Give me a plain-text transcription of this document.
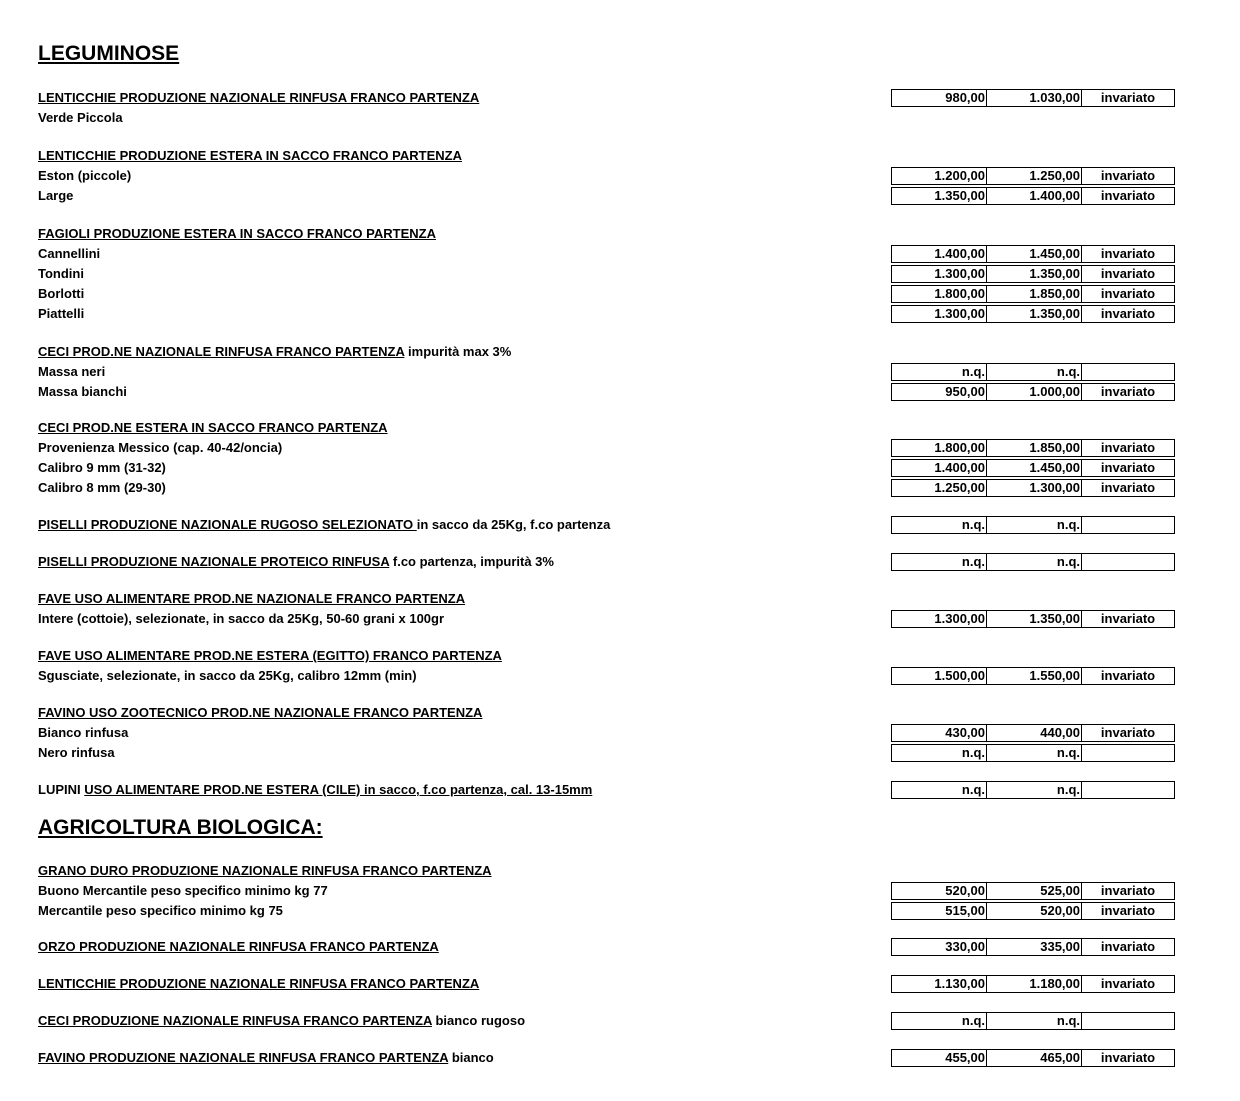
LEGUMINOSE
LENTICCHIE PRODUZIONE NAZIONALE RINFUSA FRANCO PARTENZA	980,00	1.030,00	invariato
Verde Piccola
LENTICCHIE PRODUZIONE ESTERA IN SACCO FRANCO PARTENZA
Eston (piccole)	1.200,00	1.250,00	invariato
Large	1.350,00	1.400,00	invariato
FAGIOLI PRODUZIONE ESTERA IN SACCO FRANCO PARTENZA
Cannellini	1.400,00	1.450,00	invariato
Tondini	1.300,00	1.350,00	invariato
Borlotti	1.800,00	1.850,00	invariato
Piattelli	1.300,00	1.350,00	invariato
CECI PROD.NE NAZIONALE RINFUSA FRANCO PARTENZA impurità max 3%
Massa neri	n.q.	n.q.
Massa bianchi	950,00	1.000,00	invariato
CECI PROD.NE ESTERA IN SACCO FRANCO PARTENZA
Provenienza Messico (cap. 40-42/oncia)	1.800,00	1.850,00	invariato
Calibro 9 mm (31-32)	1.400,00	1.450,00	invariato
Calibro 8 mm (29-30)	1.250,00	1.300,00	invariato
PISELLI PRODUZIONE NAZIONALE RUGOSO SELEZIONATO in sacco da 25Kg, f.co partenza	n.q.	n.q.
PISELLI PRODUZIONE NAZIONALE PROTEICO RINFUSA f.co partenza, impurità 3%	n.q.	n.q.
FAVE USO ALIMENTARE PROD.NE NAZIONALE FRANCO PARTENZA
Intere (cottoie), selezionate, in sacco da 25Kg, 50-60 grani x 100gr	1.300,00	1.350,00	invariato
FAVE USO ALIMENTARE PROD.NE ESTERA (EGITTO) FRANCO PARTENZA
Sgusciate, selezionate, in sacco da 25Kg, calibro 12mm (min)	1.500,00	1.550,00	invariato
FAVINO USO ZOOTECNICO PROD.NE NAZIONALE FRANCO PARTENZA
Bianco rinfusa	430,00	440,00	invariato
Nero rinfusa	n.q.	n.q.
LUPINI USO ALIMENTARE PROD.NE ESTERA (CILE) in sacco, f.co partenza, cal. 13-15mm	n.q.	n.q.
AGRICOLTURA BIOLOGICA:
GRANO DURO PRODUZIONE NAZIONALE RINFUSA FRANCO PARTENZA
Buono Mercantile peso specifico minimo kg 77	520,00	525,00	invariato
Mercantile peso specifico minimo kg 75	515,00	520,00	invariato
ORZO PRODUZIONE NAZIONALE RINFUSA FRANCO PARTENZA	330,00	335,00	invariato
LENTICCHIE PRODUZIONE NAZIONALE RINFUSA FRANCO PARTENZA	1.130,00	1.180,00	invariato
CECI PRODUZIONE NAZIONALE RINFUSA FRANCO PARTENZA bianco rugoso	n.q.	n.q.
FAVINO PRODUZIONE NAZIONALE RINFUSA FRANCO PARTENZA bianco	455,00	465,00	invariato
